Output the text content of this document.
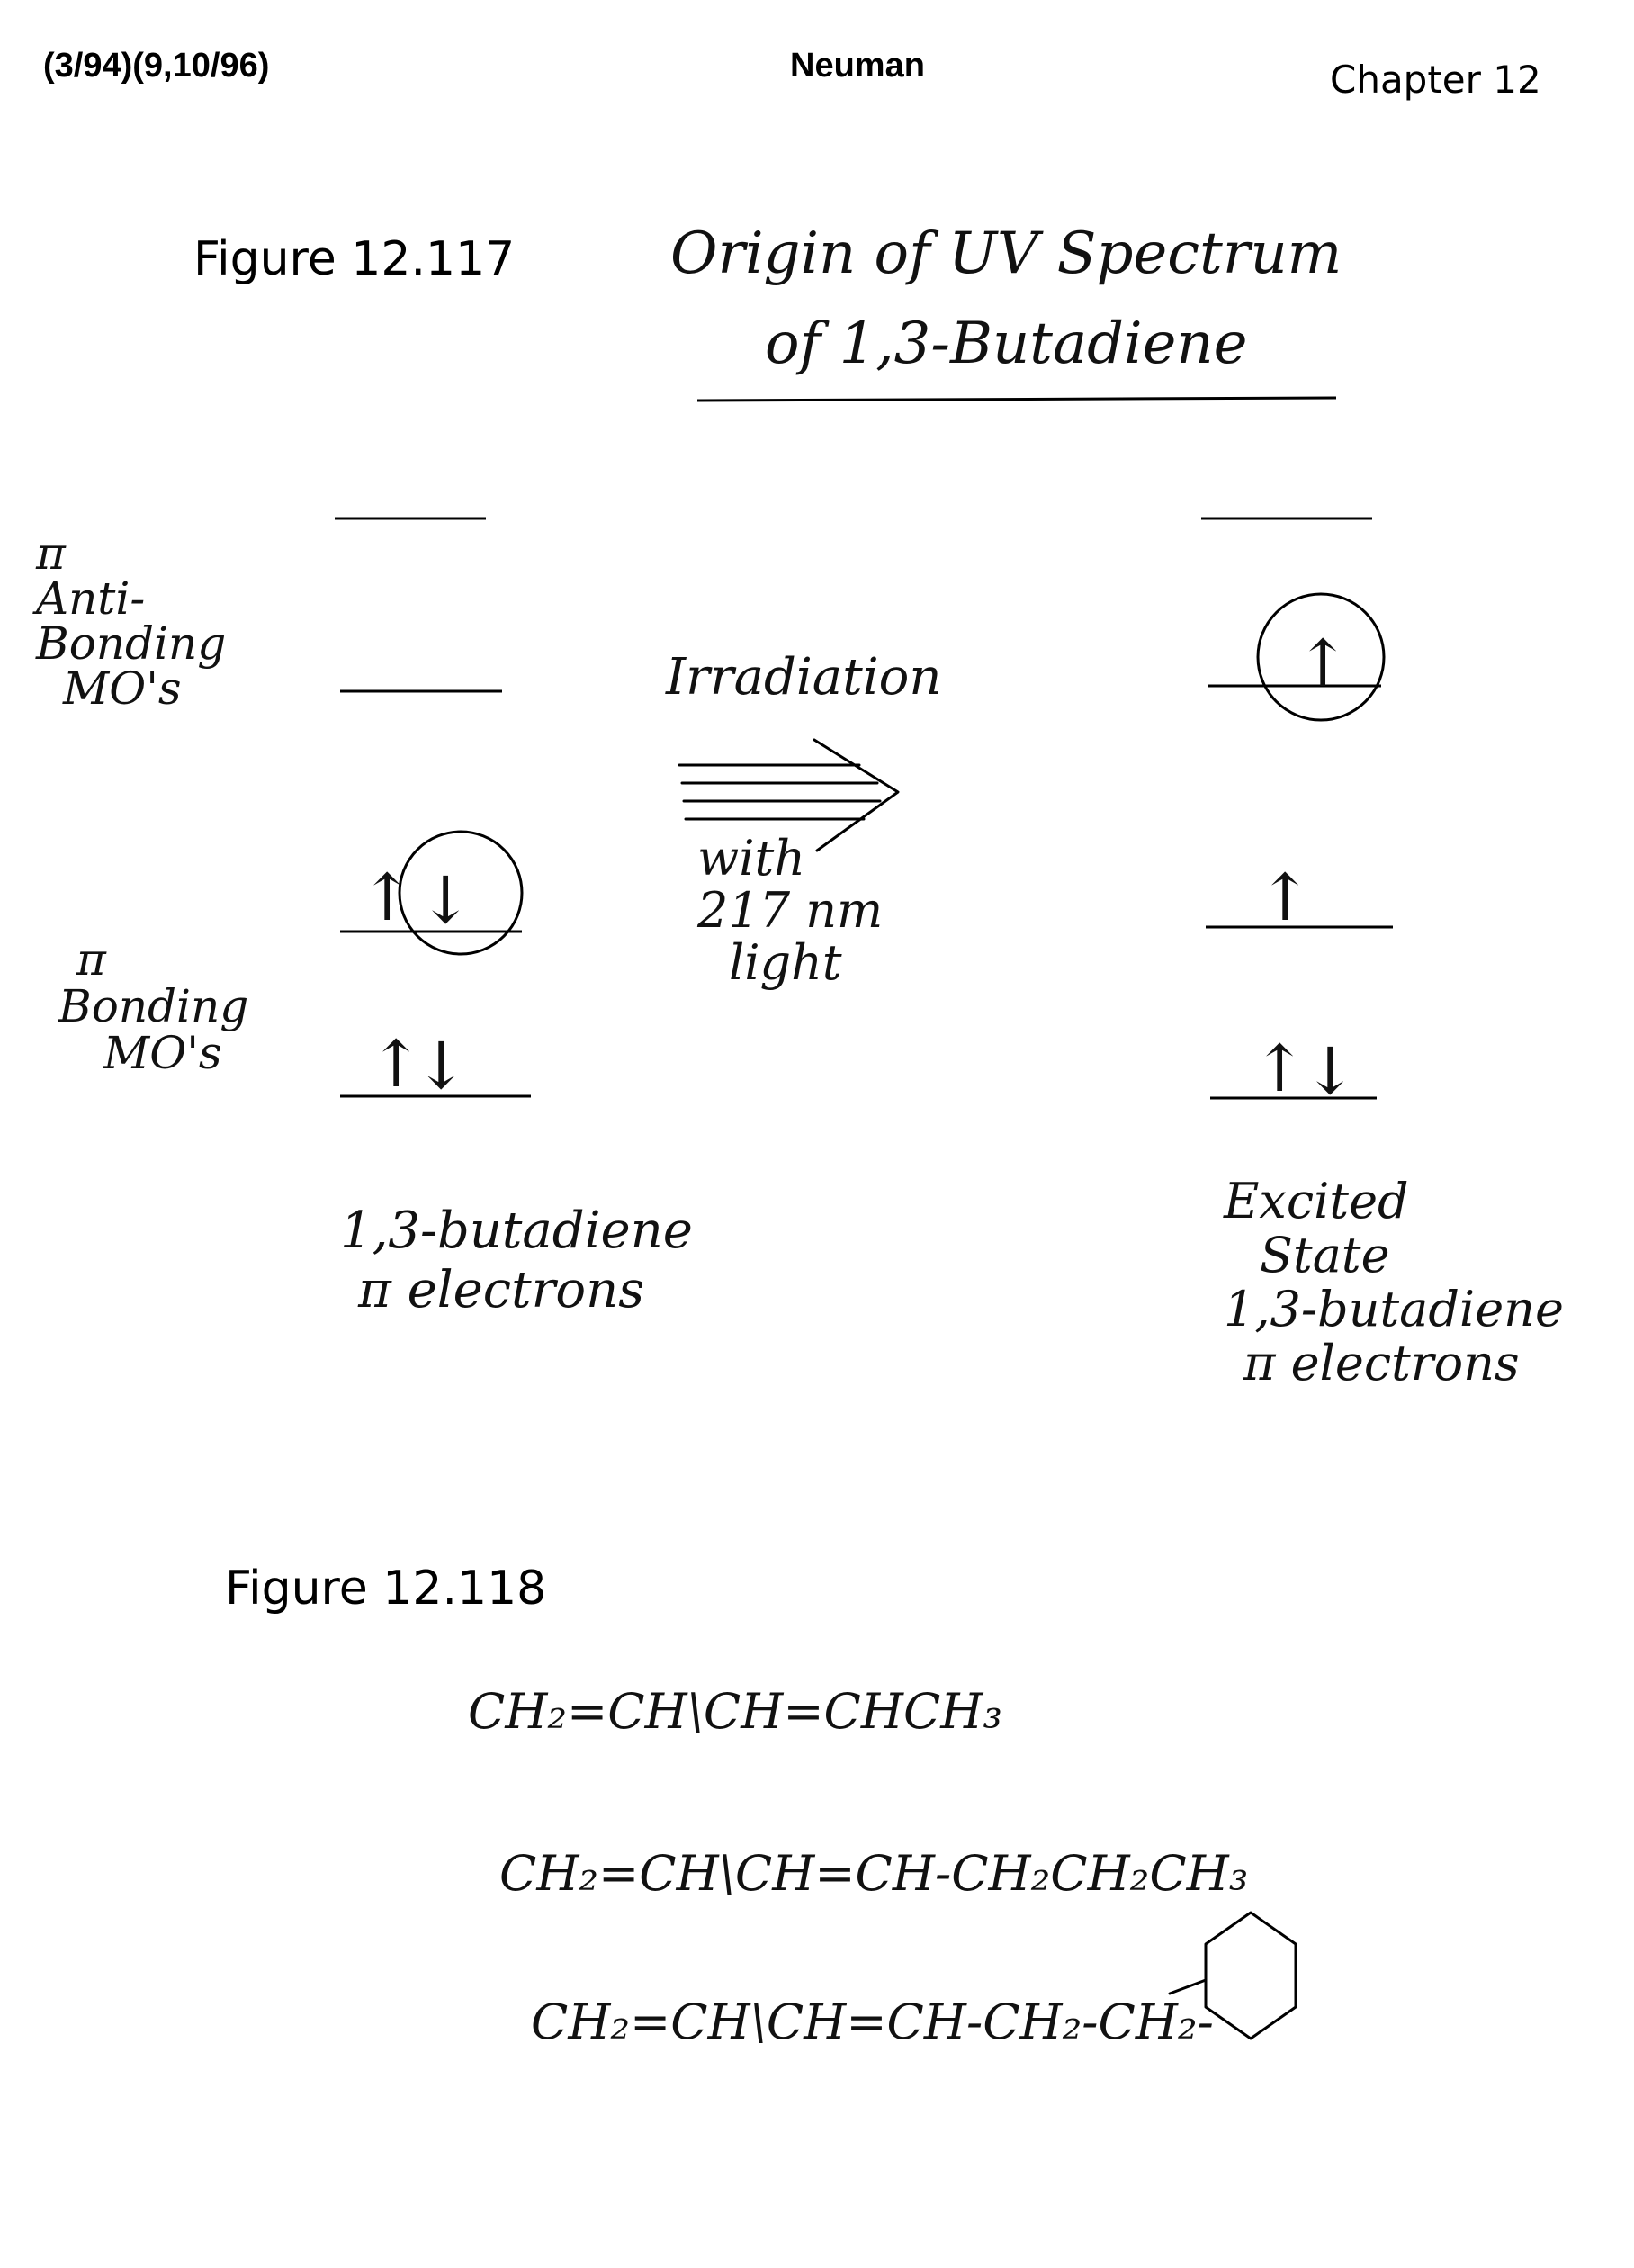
(3/94)(9,10/96)	Neuman	Chapter 12
Figure 12.117	Origin of UV Spectrum
of 1,3-Butadiene
π
Anti-
Bonding
MO's
π
Bonding
MO's
↑ ↓
↑
↓
↑
↑
↑
↓
Irradiation
with
217 nm
light
1,3-butadiene
π electrons
Excited
State
1,3-butadiene
π electrons
Figure 12.118
CH₂=CH\CH=CHCH₃
CH₂=CH\CH=CH-CH₂CH₂CH₃
CH₂=CH\CH=CH-CH₂-CH₂-
